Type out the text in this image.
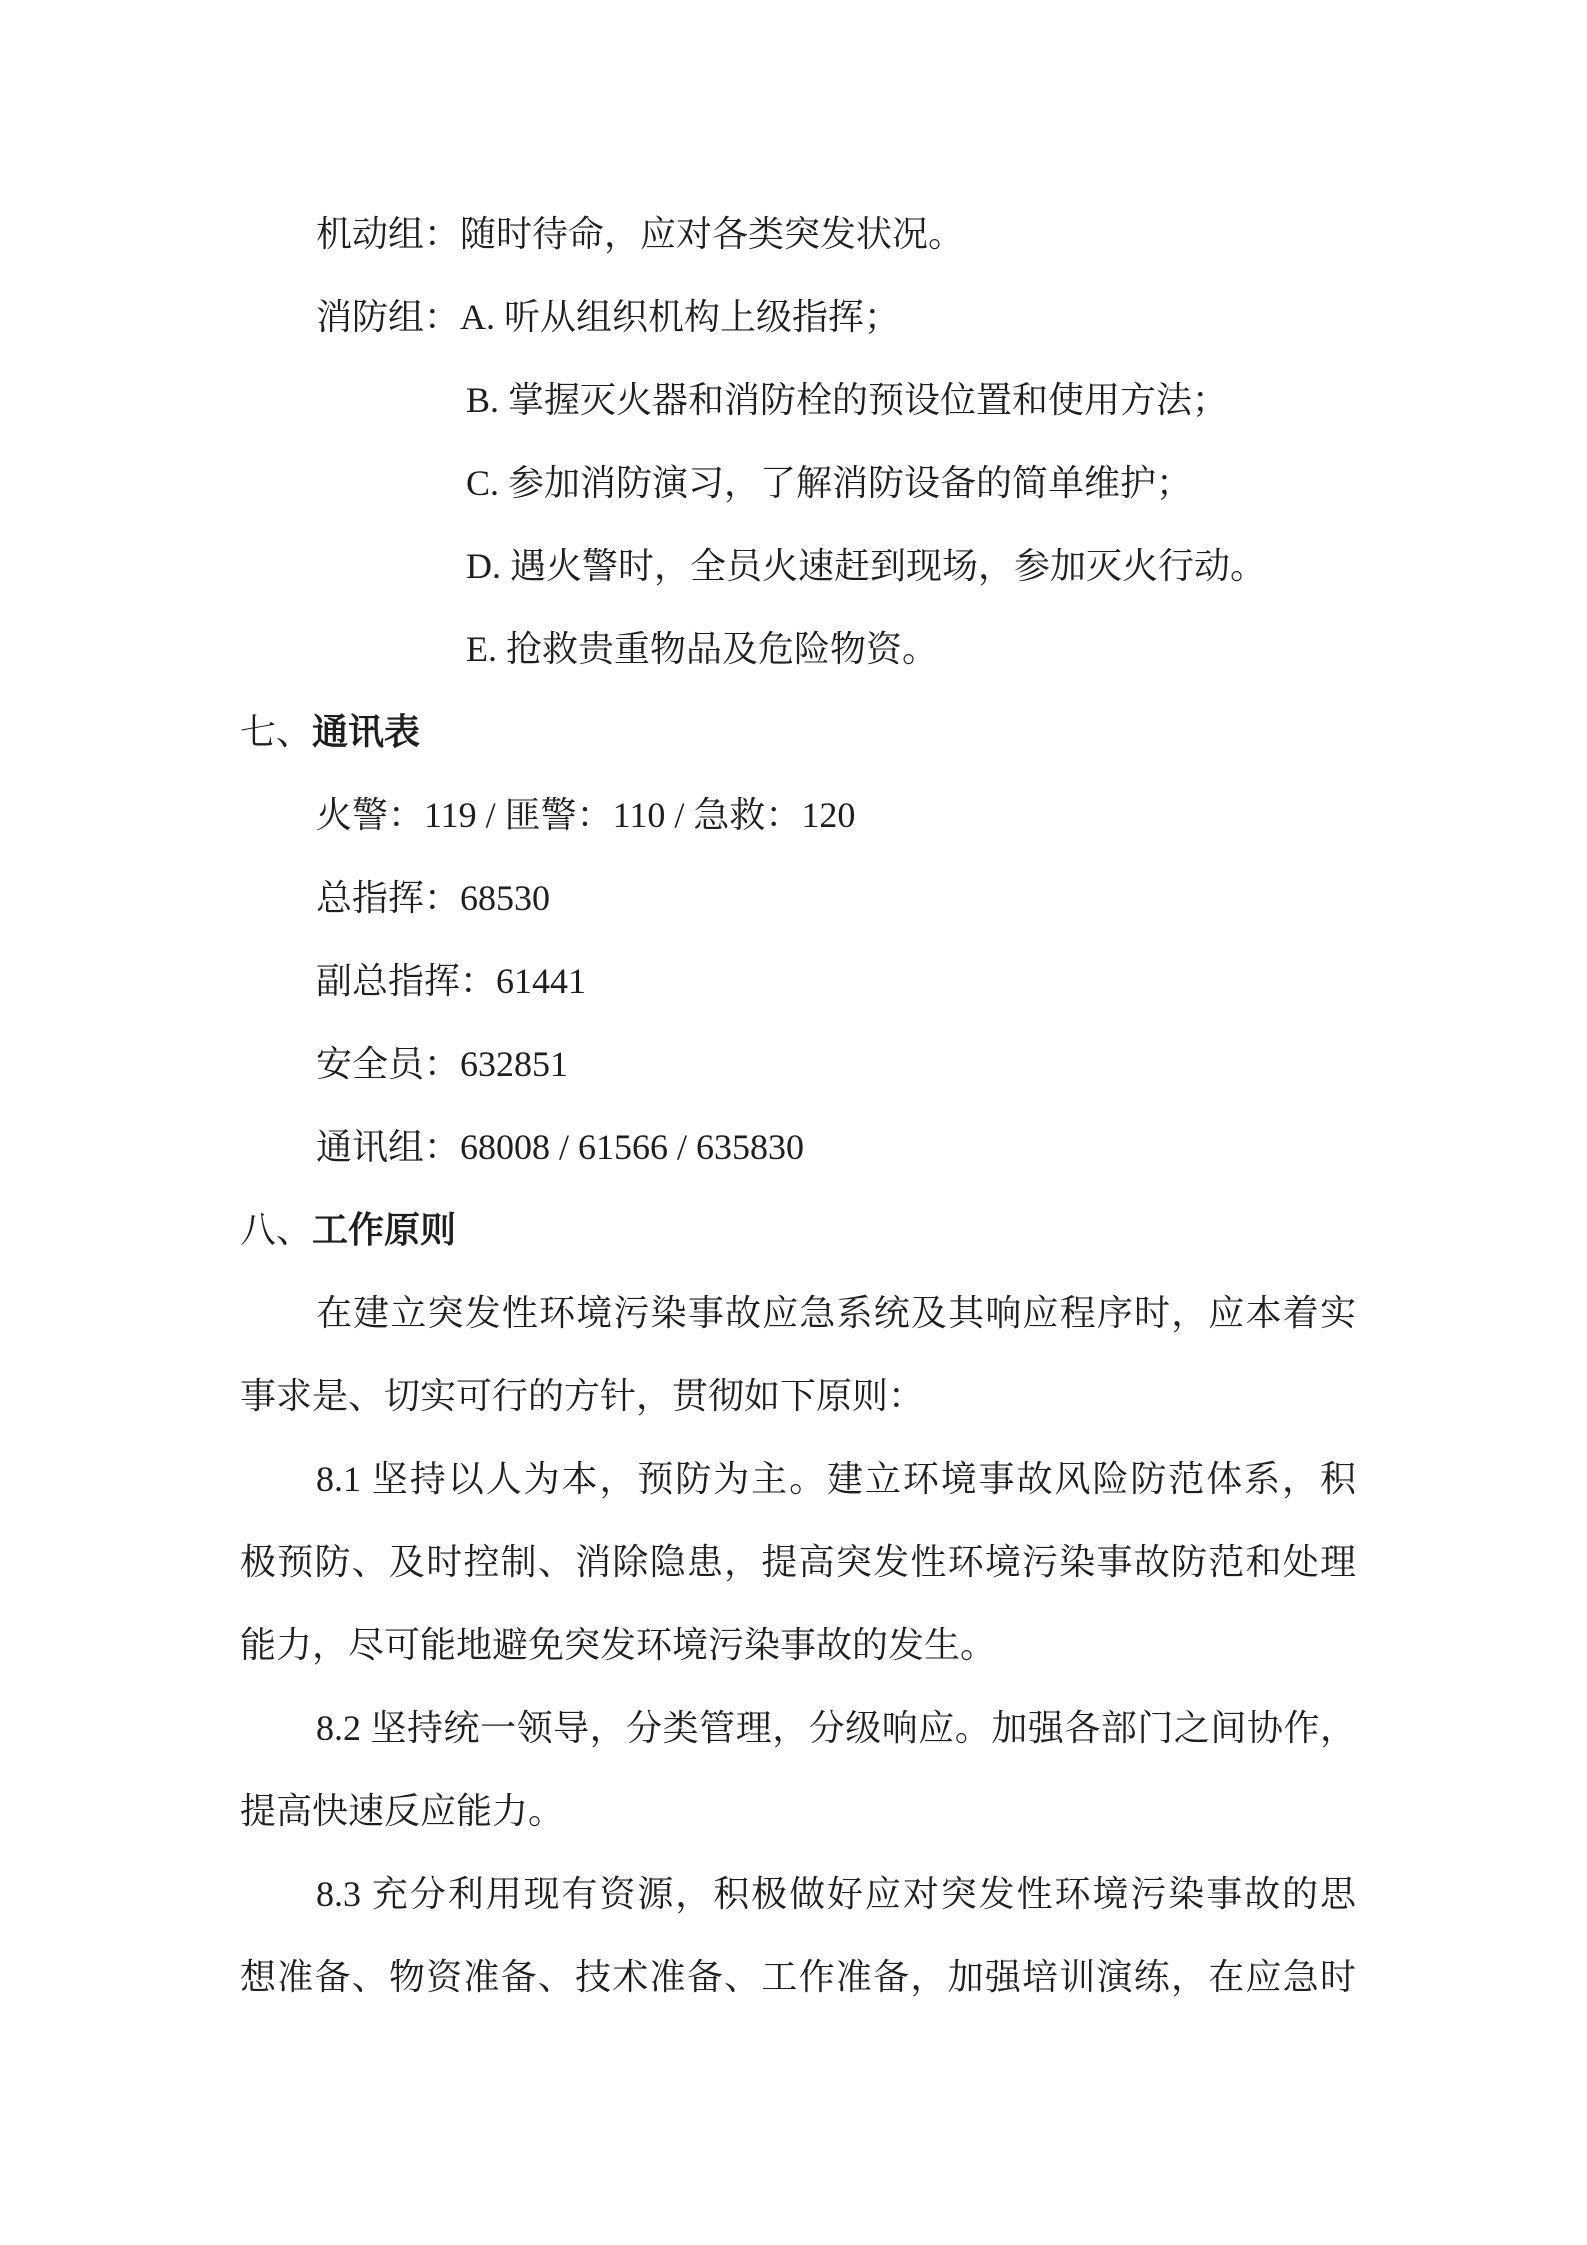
机动组：随时待命，应对各类突发状况。
消防组：A. 听从组织机构上级指挥；
B. 掌握灭火器和消防栓的预设位置和使用方法；
C. 参加消防演习，了解消防设备的简单维护；
D. 遇火警时，全员火速赶到现场，参加灭火行动。
E. 抢救贵重物品及危险物资。
七、通讯表
火警：119 / 匪警：110 / 急救：120
总指挥：68530
副总指挥：61441
安全员：632851
通讯组：68008 / 61566 / 635830
八、工作原则
在建立突发性环境污染事故应急系统及其响应程序时，应本着实
事求是、切实可行的方针，贯彻如下原则：
8.1 坚持以人为本，预防为主。建立环境事故风险防范体系，积
极预防、及时控制、消除隐患，提高突发性环境污染事故防范和处理
能力，尽可能地避免突发环境污染事故的发生。
8.2 坚持统一领导，分类管理，分级响应。加强各部门之间协作，
提高快速反应能力。
8.3 充分利用现有资源，积极做好应对突发性环境污染事故的思
想准备、物资准备、技术准备、工作准备，加强培训演练，在应急时
